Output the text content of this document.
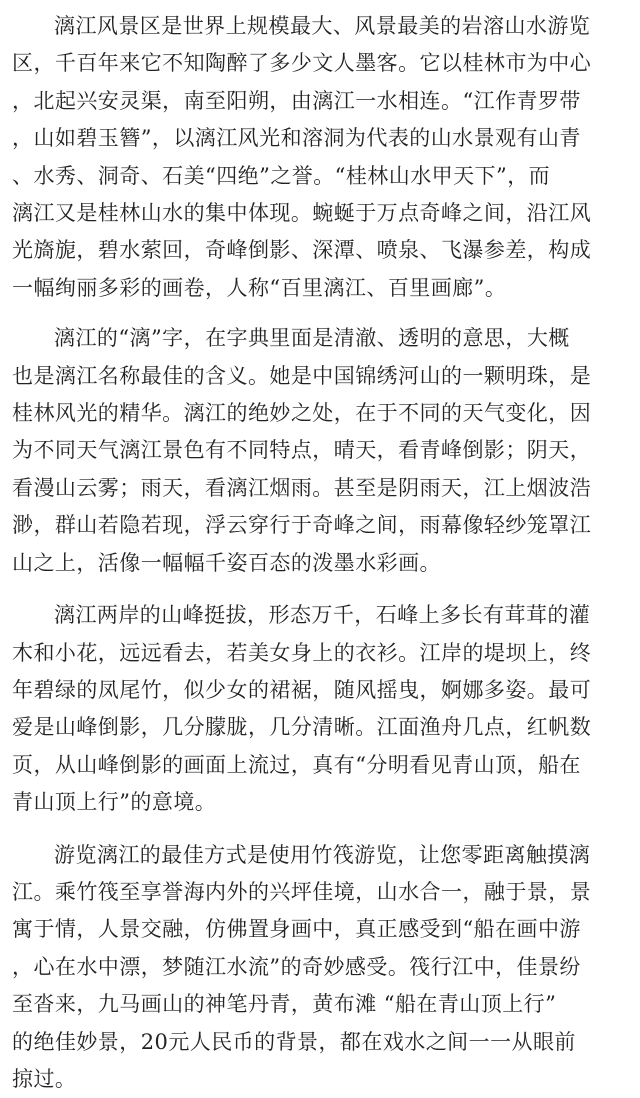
漓江风景区是世界上规模最大、风景最美的岩溶山水游览
区，千百年来它不知陶醉了多少文人墨客。它以桂林市为中心
，北起兴安灵渠，南至阳朔，由漓江一水相连。“江作青罗带
，山如碧玉簪”，以漓江风光和溶洞为代表的山水景观有山青
、水秀、洞奇、石美“四绝”之誉。“桂林山水甲天下”，而
漓江又是桂林山水的集中体现。蜿蜒于万点奇峰之间，沿江风
光旖旎，碧水萦回，奇峰倒影、深潭、喷泉、飞瀑参差，构成
一幅绚丽多彩的画卷，人称“百里漓江、百里画廊”。

漓江的“漓”字，在字典里面是清澈、透明的意思，大概
也是漓江名称最佳的含义。她是中国锦绣河山的一颗明珠，是
桂林风光的精华。漓江的绝妙之处，在于不同的天气变化，因
为不同天气漓江景色有不同特点，晴天，看青峰倒影；阴天，
看漫山云雾；雨天，看漓江烟雨。甚至是阴雨天，江上烟波浩
渺，群山若隐若现，浮云穿行于奇峰之间，雨幕像轻纱笼罩江
山之上，活像一幅幅千姿百态的泼墨水彩画。

漓江两岸的山峰挺拔，形态万千，石峰上多长有茸茸的灌
木和小花，远远看去，若美女身上的衣衫。江岸的堤坝上，终
年碧绿的凤尾竹，似少女的裙裾，随风摇曳，婀娜多姿。最可
爱是山峰倒影，几分朦胧，几分清晰。江面渔舟几点，红帆数
页，从山峰倒影的画面上流过，真有“分明看见青山顶，船在
青山顶上行”的意境。

游览漓江的最佳方式是使用竹筏游览，让您零距离触摸漓
江。乘竹筏至享誉海内外的兴坪佳境，山水合一，融于景，景
寓于情，人景交融，仿佛置身画中，真正感受到“船在画中游
，心在水中漂，梦随江水流”的奇妙感受。筏行江中，佳景纷
至沓来，九马画山的神笔丹青，黄布滩 “船在青山顶上行”
的绝佳妙景，20元人民币的背景，都在戏水之间一一从眼前
掠过。
